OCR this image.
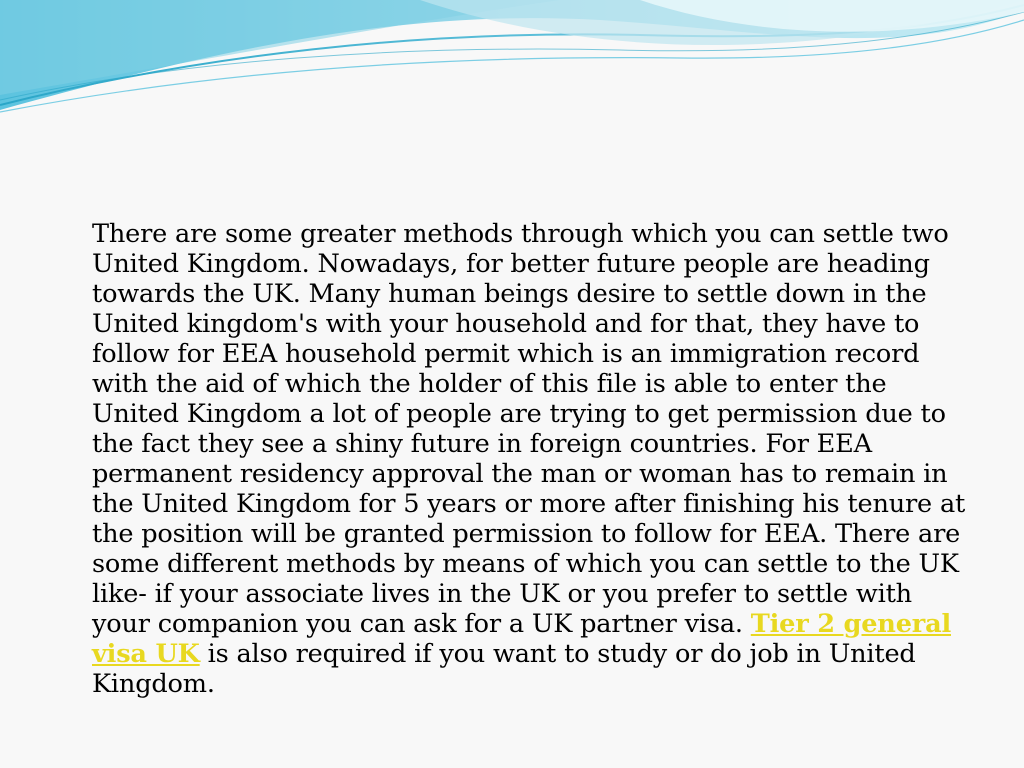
There are some greater methods through which you can settle two United Kingdom. Nowadays, for better future people are heading towards the UK. Many human beings desire to settle down in the United kingdom's with your household and for that, they have to follow for EEA household permit which is an immigration record with the aid of which the holder of this file is able to enter the United Kingdom a lot of people are trying to get permission due to the fact they see a shiny future in foreign countries. For EEA permanent residency approval the man or woman has to remain in the United Kingdom for 5 years or more after finishing his tenure at the position will be granted permission to follow for EEA. There are some different methods by means of which you can settle to the UK like- if your associate lives in the UK or you prefer to settle with your companion you can ask for a UK partner visa. Tier 2 general visa UK is also required if you want to study or do job in United Kingdom.
